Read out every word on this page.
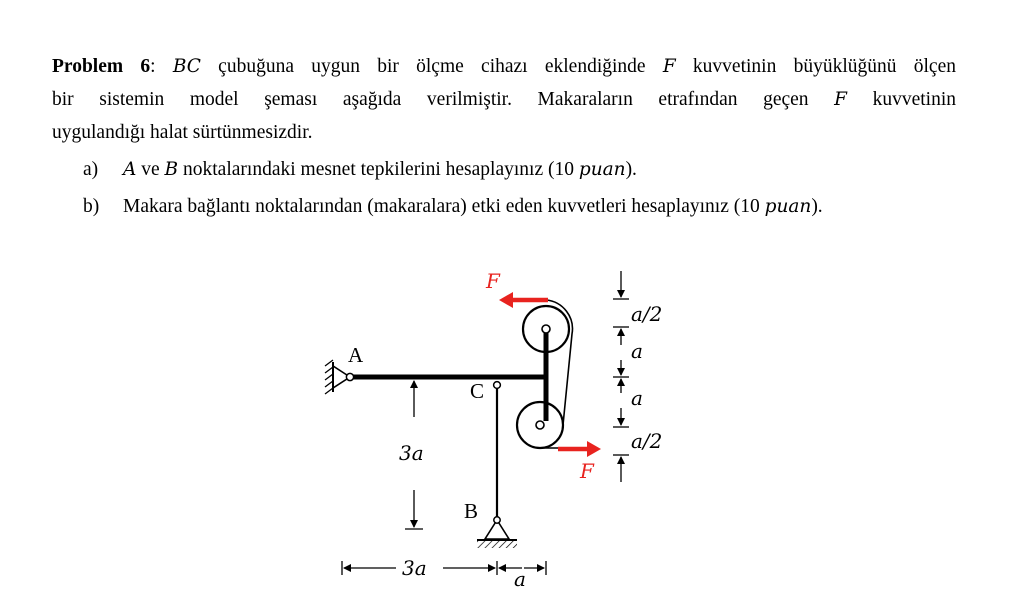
Problem 6: BC çubuğuna uygun bir ölçme cihazı eklendiğinde F kuvvetinin büyüklüğünü ölçen
bir sistemin model şeması aşağıda verilmiştir. Makaraların etrafından geçen F kuvvetinin
uygulandığı halat sürtünmesizdir.
a) A ve B noktalarındaki mesnet tepkilerini hesaplayınız (10 puan).
b) Makara bağlantı noktalarından (makaralara) etki eden kuvvetleri hesaplayınız (10 puan).
A
C
B
F
F
3a
3a	a
a/2
a
a
a/2
